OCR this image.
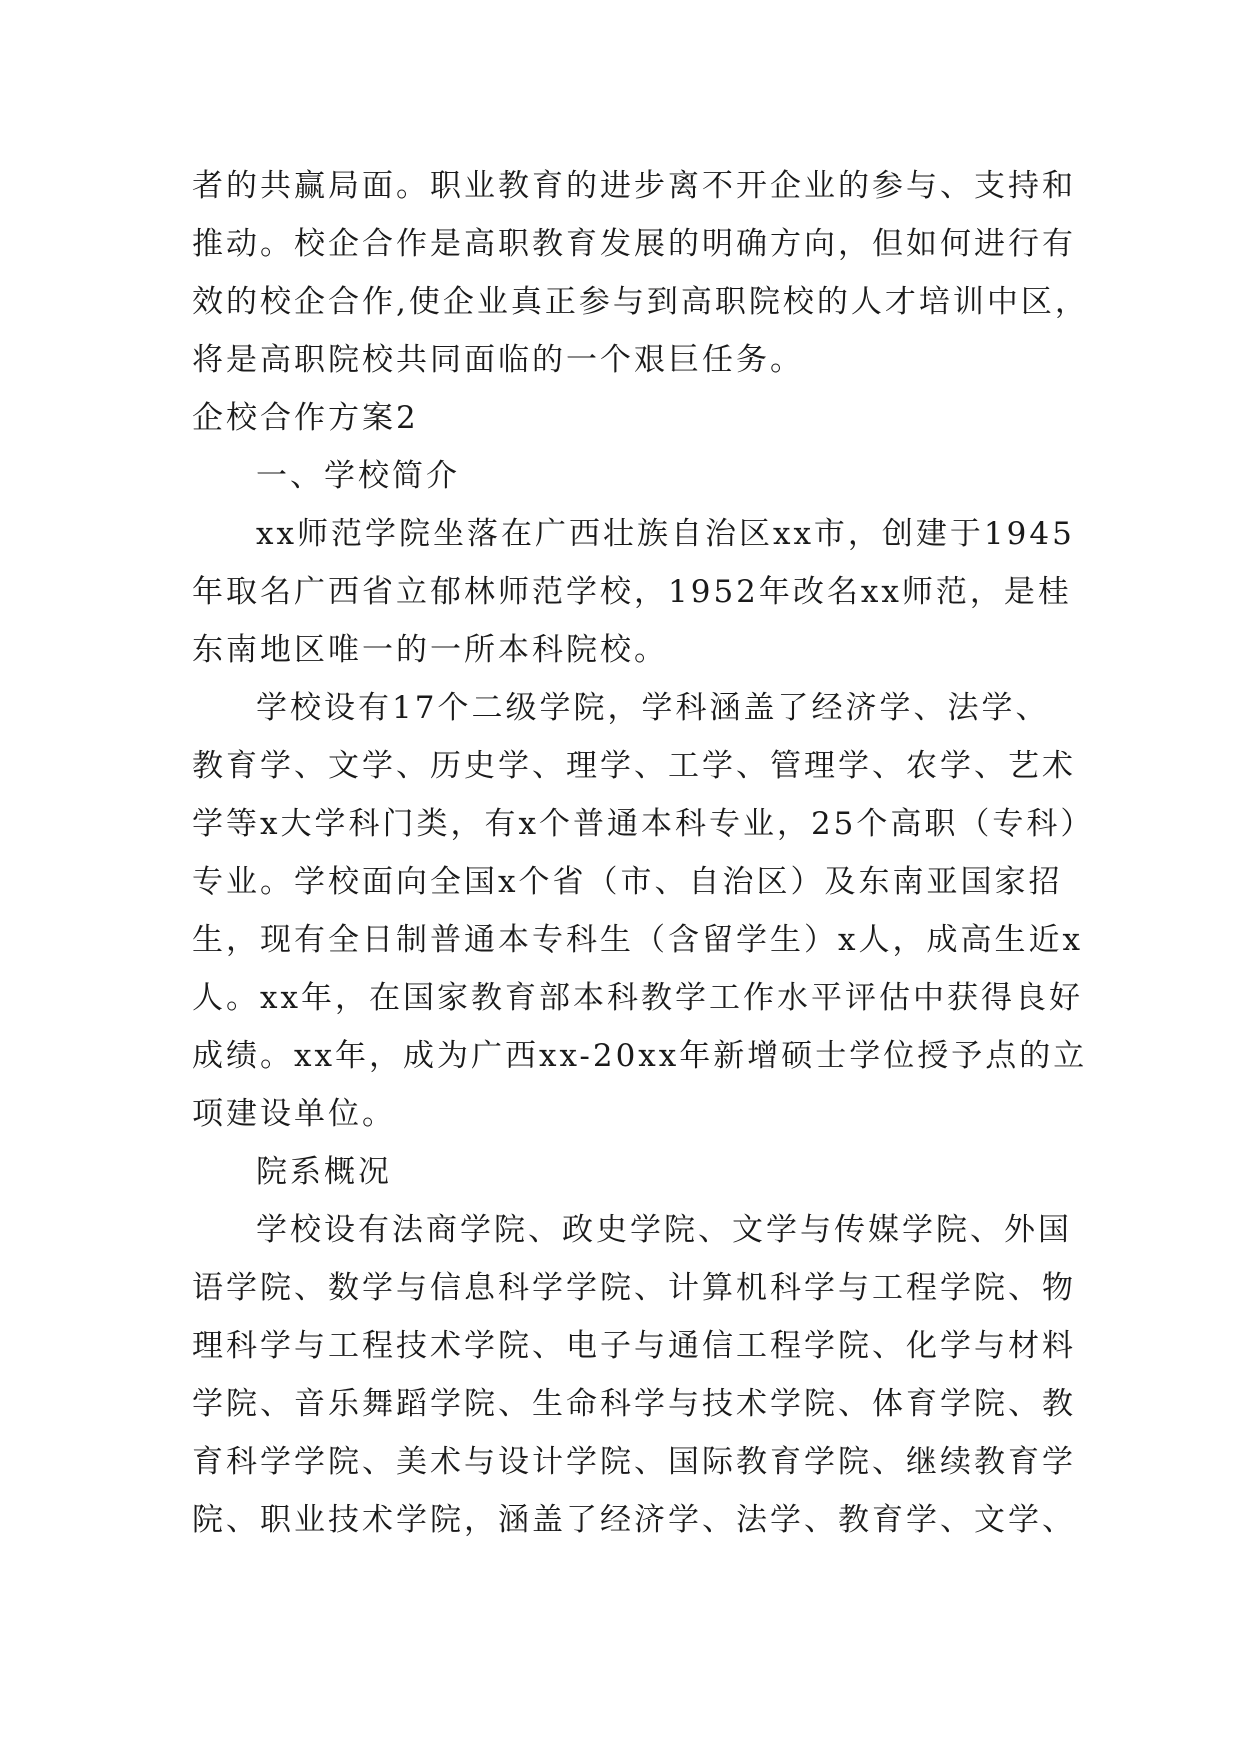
者的共赢局面。职业教育的进步离不开企业的参与、支持和
推动。校企合作是高职教育发展的明确方向，但如何进行有
效的校企合作,使企业真正参与到高职院校的人才培训中区，
将是高职院校共同面临的一个艰巨任务。
企校合作方案2
一、学校简介
xx师范学院坐落在广西壮族自治区xx市，创建于1945
年取名广西省立郁林师范学校，1952年改名xx师范，是桂
东南地区唯一的一所本科院校。
学校设有17个二级学院，学科涵盖了经济学、法学、
教育学、文学、历史学、理学、工学、管理学、农学、艺术
学等x大学科门类，有x个普通本科专业，25个高职（专科）
专业。学校面向全国x个省（市、自治区）及东南亚国家招
生，现有全日制普通本专科生（含留学生）x人，成高生近x
人。xx年，在国家教育部本科教学工作水平评估中获得良好
成绩。xx年，成为广西xx-20xx年新增硕士学位授予点的立
项建设单位。
院系概况
学校设有法商学院、政史学院、文学与传媒学院、外国
语学院、数学与信息科学学院、计算机科学与工程学院、物
理科学与工程技术学院、电子与通信工程学院、化学与材料
学院、音乐舞蹈学院、生命科学与技术学院、体育学院、教
育科学学院、美术与设计学院、国际教育学院、继续教育学
院、职业技术学院，涵盖了经济学、法学、教育学、文学、
